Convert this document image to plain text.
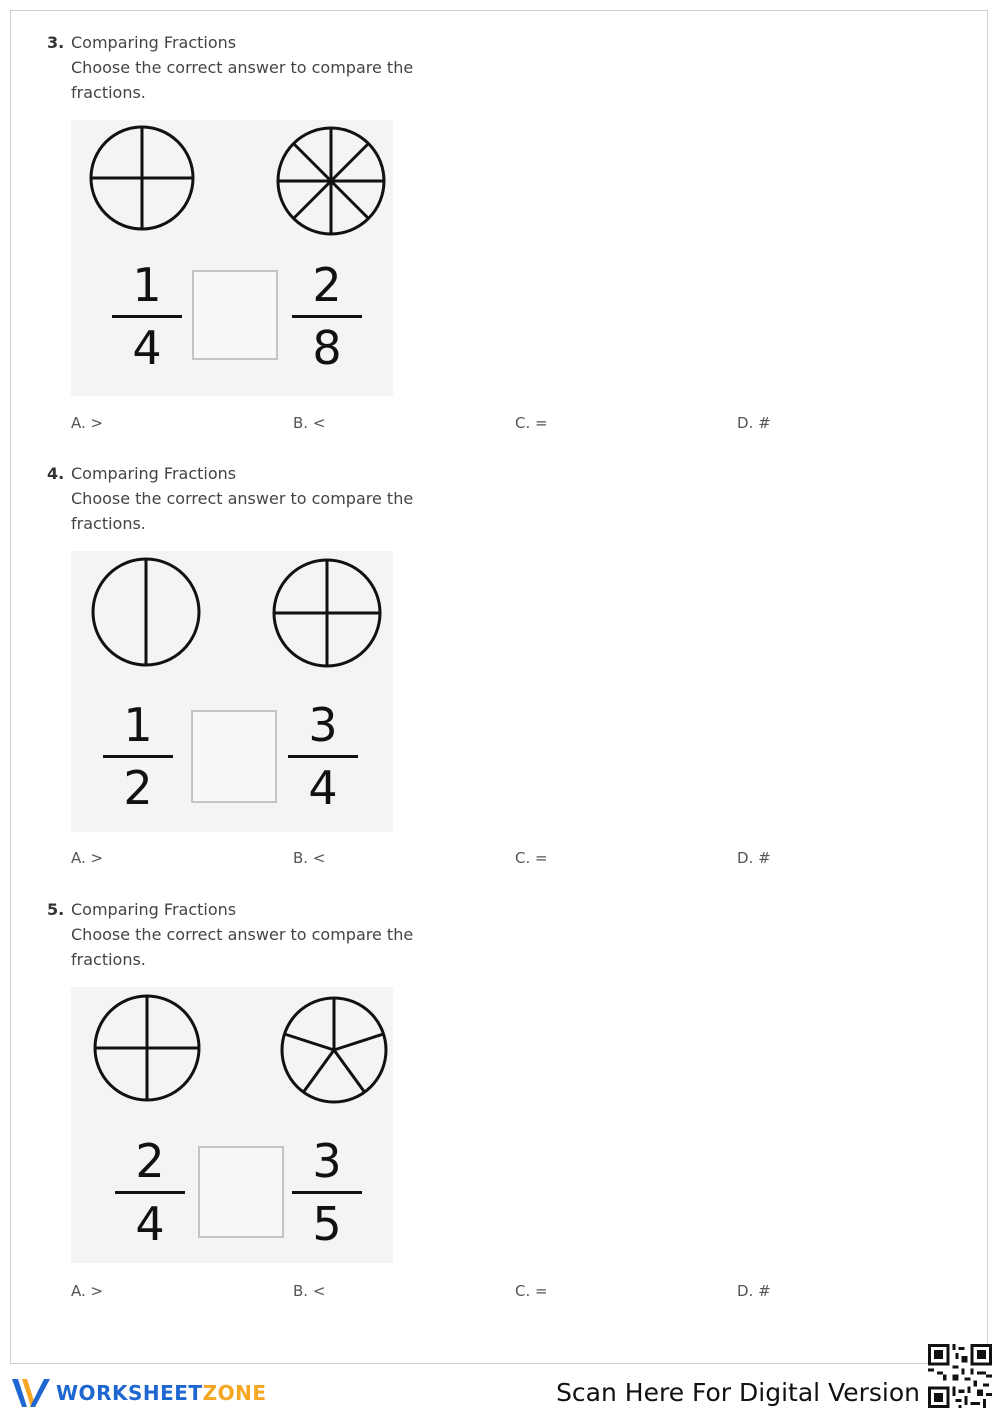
3. Comparing Fractions
Choose the correct answer to compare the fractions.
1
4
2
8
A. >	B. <	C. =	D. #
4. Comparing Fractions
Choose the correct answer to compare the fractions.
1
2
3
4
A. >	B. <	C. =	D. #
5. Comparing Fractions
Choose the correct answer to compare the fractions.
2
4
3
5
A. >	B. <	C. =	D. #
WORKSHEETZONE	Scan Here For Digital Version
